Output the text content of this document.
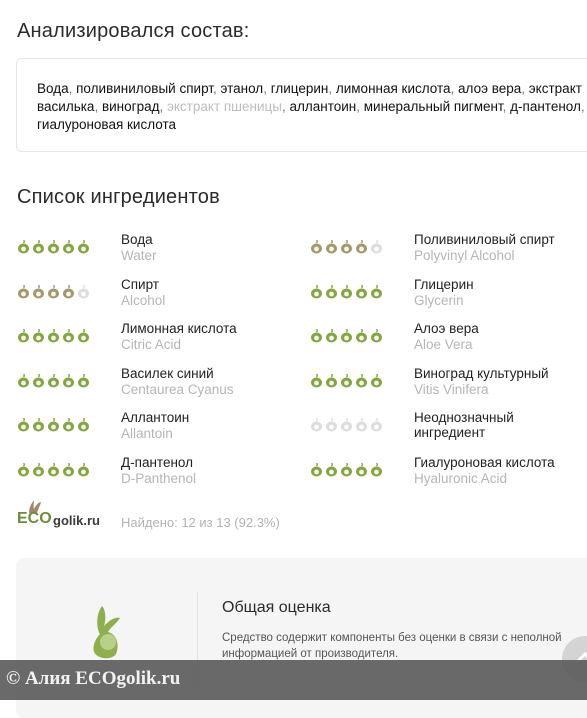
Анализировался состав:
Вода, поливиниловый спирт, этанол, глицерин, лимонная кислота, алоэ вера, экстракт василька, виноград, экстракт пшеницы, аллантоин, минеральный пигмент, д-пантенол, гиалуроновая кислота
Список ингредиентов
Вода
Water
Поливиниловый спирт
Polyvinyl Alcohol
Спирт
Alcohol
Глицерин
Glycerin
Лимонная кислота
Citric Acid
Алоэ вера
Aloe Vera
Василек синий
Centaurea Cyanus
Виноград культурный
Vitis Vinifera
Аллантоин
Allantoin
Неоднозначный ингредиент
Д-пантенол
D-Panthenol
Гиалуроновая кислота
Hyaluronic Acid
ECO golik.ru Найдено: 12 из 13 (92.3%)
Общая оценка
Средство содержит компоненты без оценки в связи с неполной информацией от производителя.
© Алия ECOgolik.ru
